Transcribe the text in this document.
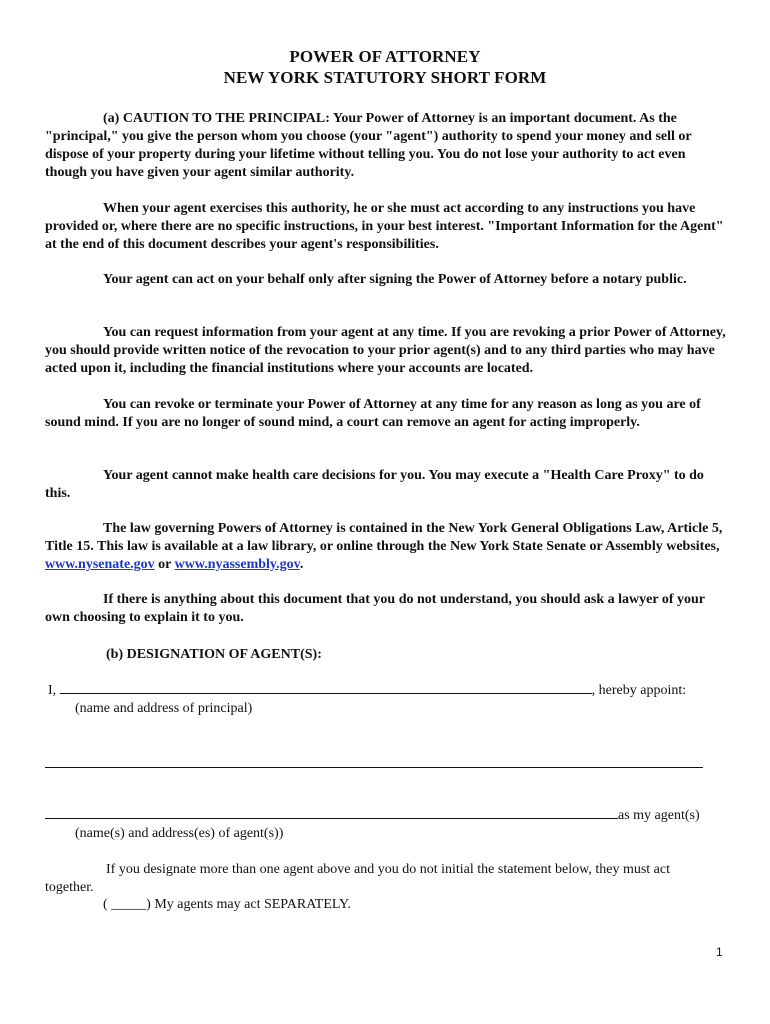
POWER OF ATTORNEY
NEW YORK STATUTORY SHORT FORM

(a) CAUTION TO THE PRINCIPAL: Your Power of Attorney is an important document. As the "principal," you give the person whom you choose (your "agent") authority to spend your money and sell or dispose of your property during your lifetime without telling you. You do not lose your authority to act even though you have given your agent similar authority.

When your agent exercises this authority, he or she must act according to any instructions you have provided or, where there are no specific instructions, in your best interest. "Important Information for the Agent" at the end of this document describes your agent's responsibilities.

Your agent can act on your behalf only after signing the Power of Attorney before a notary public.

You can request information from your agent at any time. If you are revoking a prior Power of Attorney, you should provide written notice of the revocation to your prior agent(s) and to any third parties who may have acted upon it, including the financial institutions where your accounts are located.

You can revoke or terminate your Power of Attorney at any time for any reason as long as you are of sound mind. If you are no longer of sound mind, a court can remove an agent for acting improperly.

Your agent cannot make health care decisions for you. You may execute a "Health Care Proxy" to do this.

The law governing Powers of Attorney is contained in the New York General Obligations Law, Article 5, Title 15. This law is available at a law library, or online through the New York State Senate or Assembly websites, www.nysenate.gov or www.nyassembly.gov.

If there is anything about this document that you do not understand, you should ask a lawyer of your own choosing to explain it to you.

(b) DESIGNATION OF AGENT(S):
I,	, hereby appoint:
(name and address of principal)
as my agent(s)
(name(s) and address(es) of agent(s))
If you designate more than one agent above and you do not initial the statement below, they must act
together.
( _____) My agents may act SEPARATELY.
1
